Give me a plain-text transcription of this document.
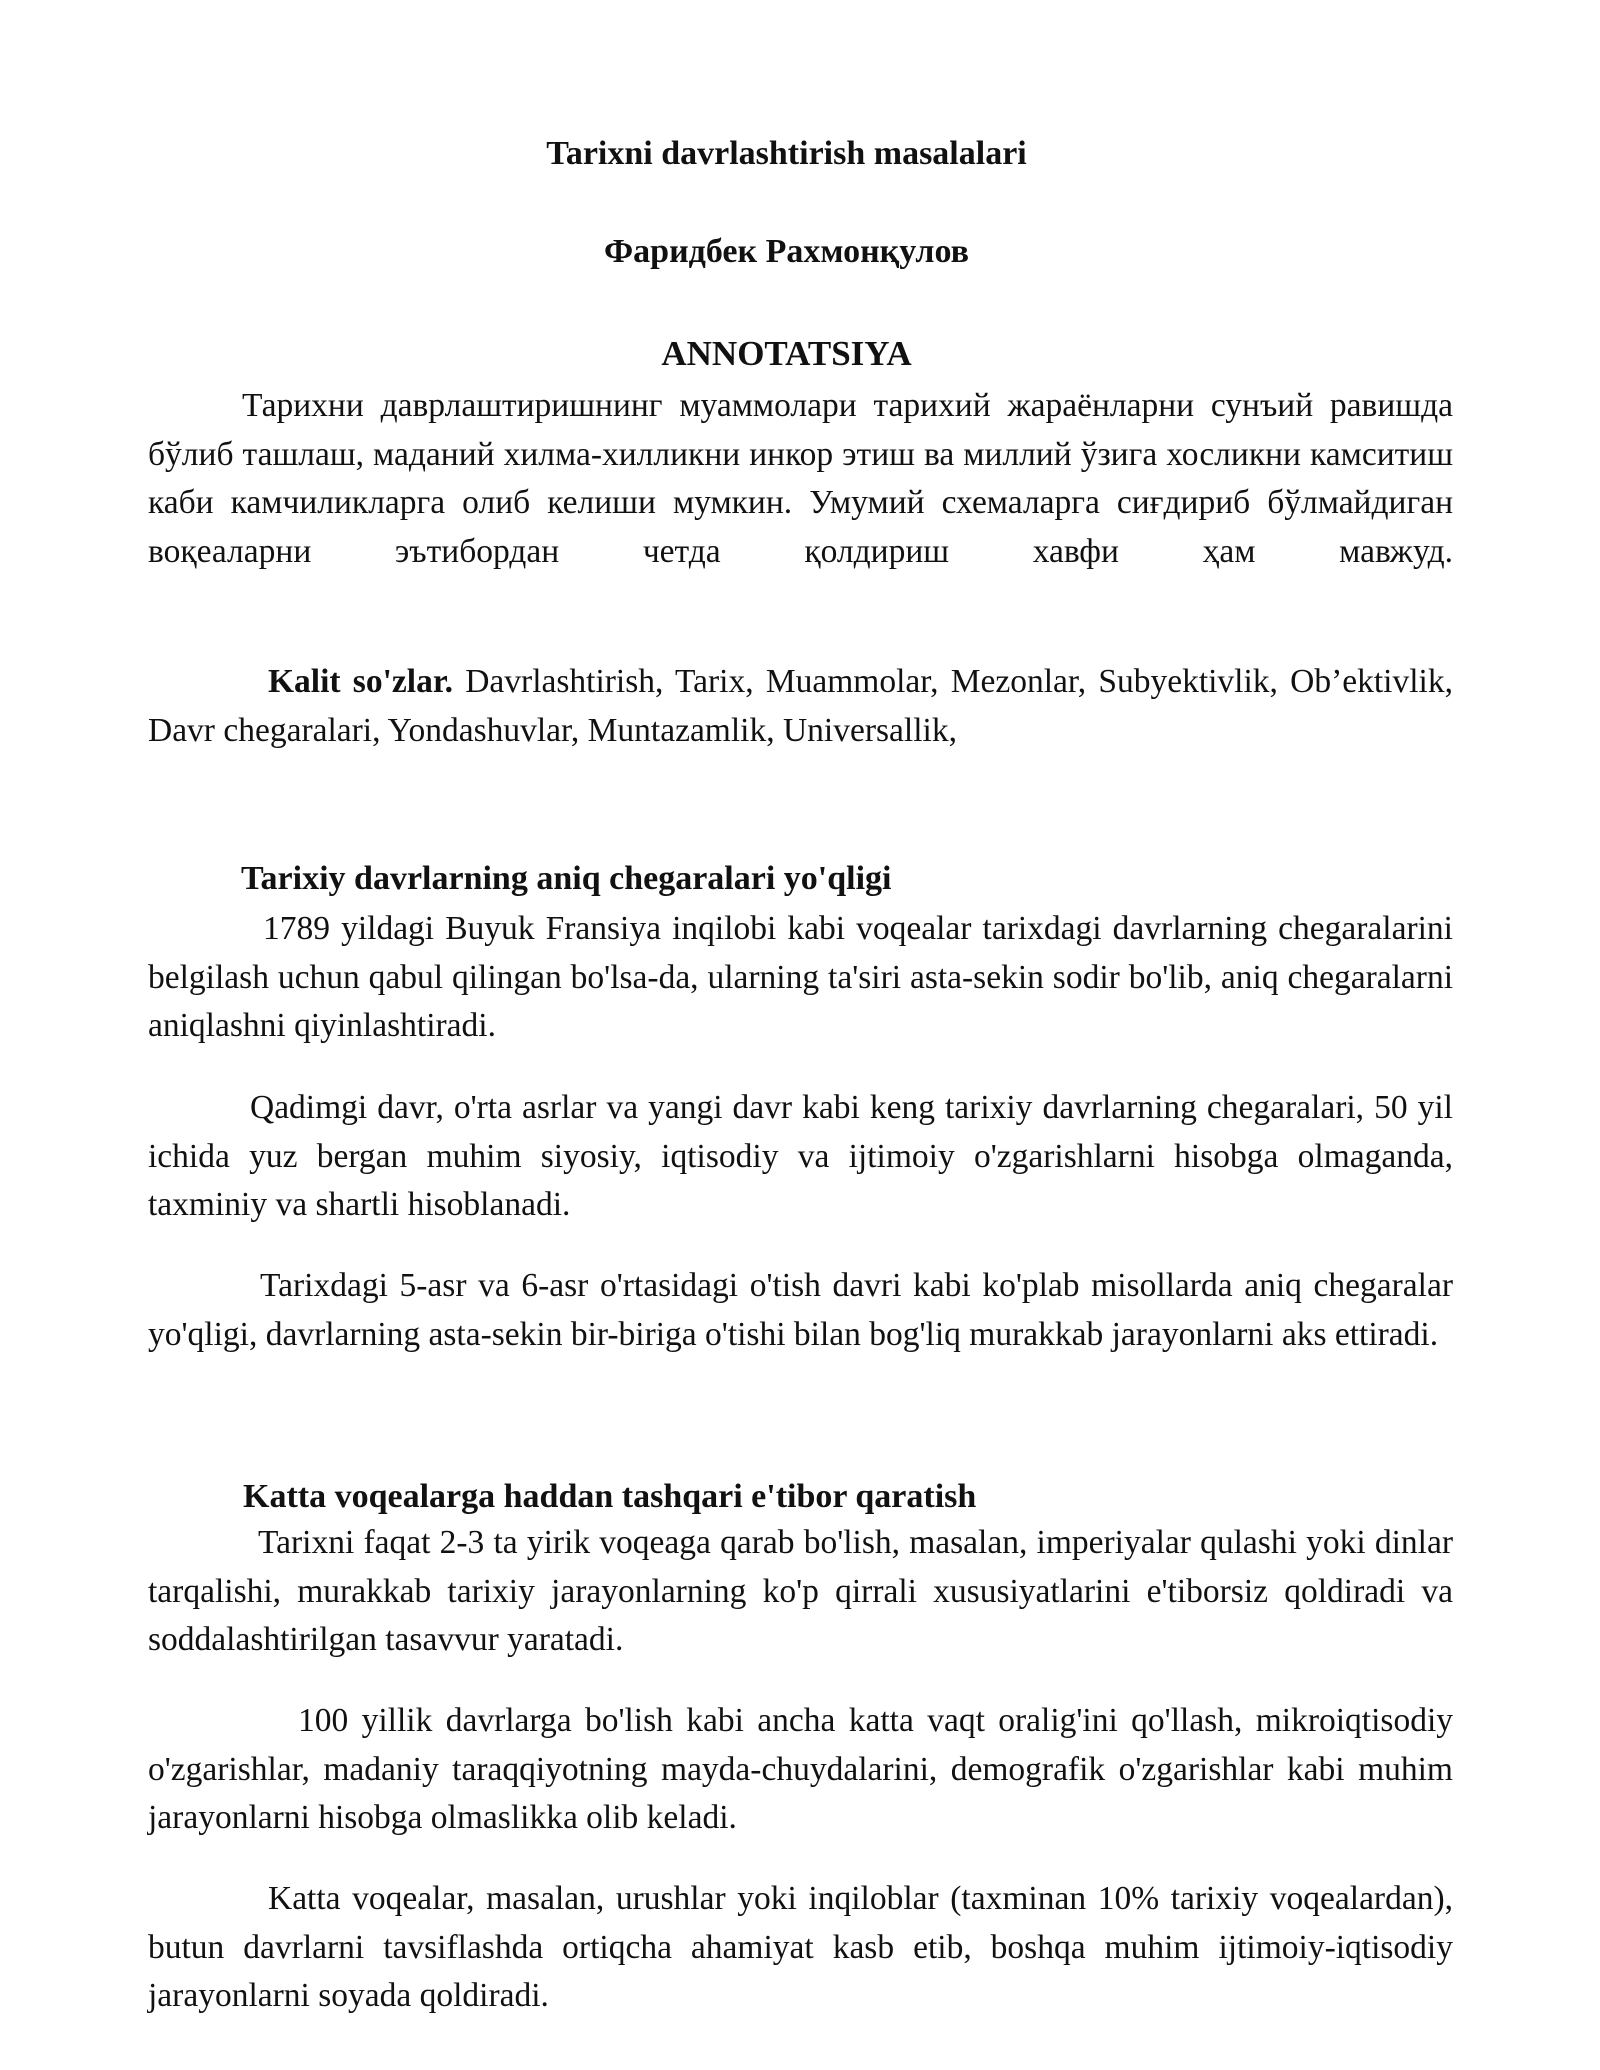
Tarixni davrlashtirish masalalari
Фаридбек Рахмонқулов
ANNOTATSIYA

Тарихни даврлаштиришнинг муаммолари тарихий жараёнларни сунъий равишда бўлиб ташлаш, маданий хилма-хилликни инкор этиш ва миллий ўзига хосликни камситиш каби камчиликларга олиб келиши мумкин. Умумий схемаларга сиғдириб бўлмайдиган воқеаларни эътибордан четда қолдириш хавфи ҳам мавжуд.

Kalit so'zlar. Davrlashtirish, Tarix, Muammolar, Mezonlar, Subyektivlik, Ob’ektivlik, Davr chegaralari, Yondashuvlar, Muntazamlik, Universallik,

Tarixiy davrlarning aniq chegaralari yo'qligi

1789 yildagi Buyuk Fransiya inqilobi kabi voqealar tarixdagi davrlarning chegaralarini belgilash uchun qabul qilingan bo'lsa-da, ularning ta'siri asta-sekin sodir bo'lib, aniq chegaralarni aniqlashni qiyinlashtiradi.

Qadimgi davr, o'rta asrlar va yangi davr kabi keng tarixiy davrlarning chegaralari, 50 yil ichida yuz bergan muhim siyosiy, iqtisodiy va ijtimoiy o'zgarishlarni hisobga olmaganda, taxminiy va shartli hisoblanadi.

Tarixdagi 5-asr va 6-asr o'rtasidagi o'tish davri kabi ko'plab misollarda aniq chegaralar yo'qligi, davrlarning asta-sekin bir-biriga o'tishi bilan bog'liq murakkab jarayonlarni aks ettiradi.

Katta voqealarga haddan tashqari e'tibor qaratish

Tarixni faqat 2-3 ta yirik voqeaga qarab bo'lish, masalan, imperiyalar qulashi yoki dinlar tarqalishi, murakkab tarixiy jarayonlarning ko'p qirrali xususiyatlarini e'tiborsiz qoldiradi va soddalashtirilgan tasavvur yaratadi.

100 yillik davrlarga bo'lish kabi ancha katta vaqt oralig'ini qo'llash, mikroiqtisodiy o'zgarishlar, madaniy taraqqiyotning mayda-chuydalarini, demografik o'zgarishlar kabi muhim jarayonlarni hisobga olmaslikka olib keladi.

Katta voqealar, masalan, urushlar yoki inqiloblar (taxminan 10% tarixiy voqealardan), butun davrlarni tavsiflashda ortiqcha ahamiyat kasb etib, boshqa muhim ijtimoiy-iqtisodiy jarayonlarni soyada qoldiradi.
